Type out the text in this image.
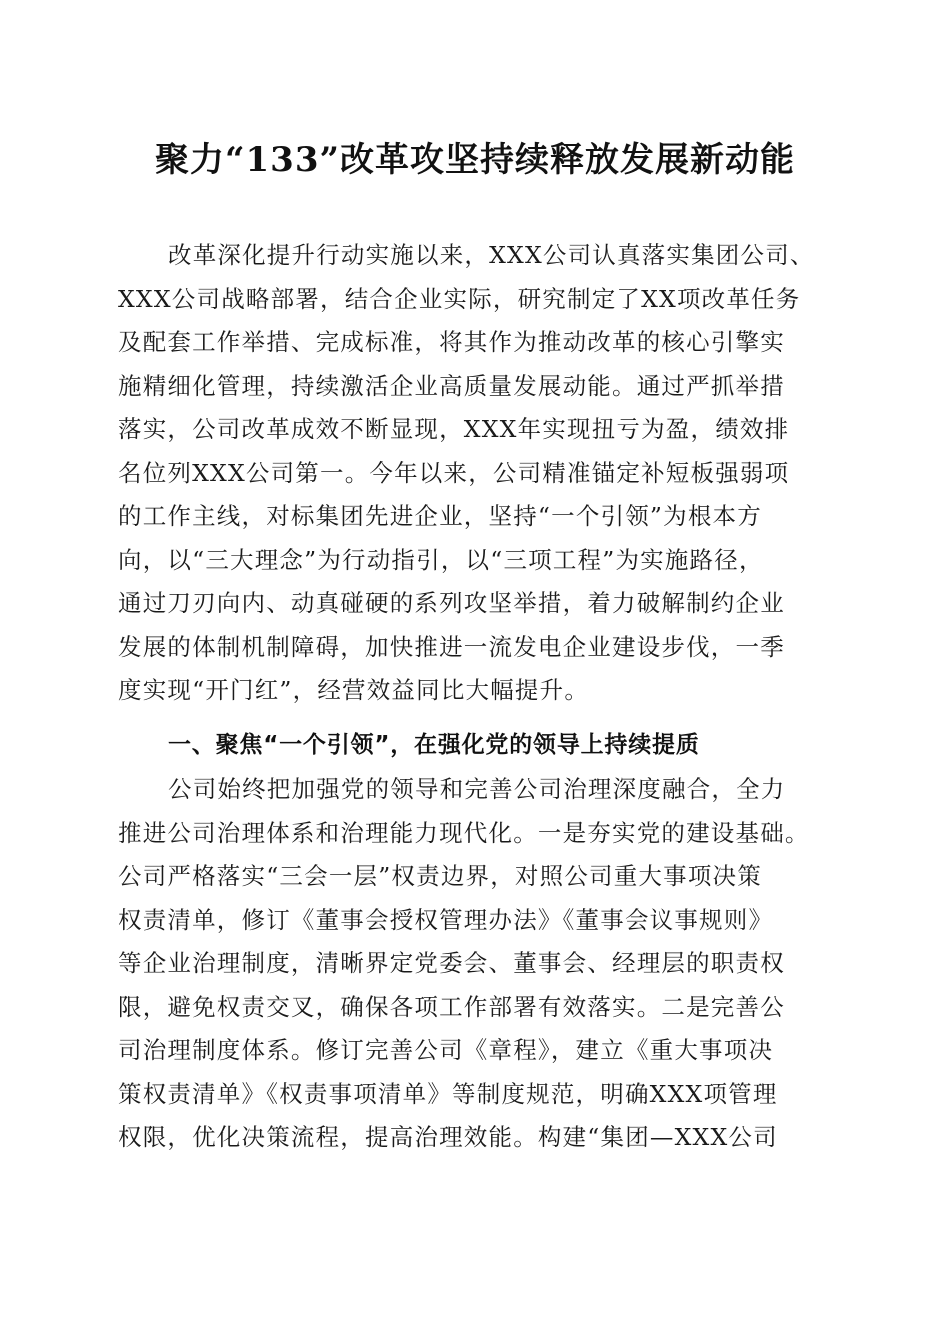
聚力“133”改革攻坚持续释放发展新动能
改革深化提升行动实施以来，XXX公司认真落实集团公司、
XXX公司战略部署，结合企业实际，研究制定了XX项改革任务
及配套工作举措、完成标准，将其作为推动改革的核心引擎实
施精细化管理，持续激活企业高质量发展动能。通过严抓举措
落实，公司改革成效不断显现，XXX年实现扭亏为盈，绩效排
名位列XXX公司第一。今年以来，公司精准锚定补短板强弱项
的工作主线，对标集团先进企业，坚持“一个引领”为根本方
向，以“三大理念”为行动指引，以“三项工程”为实施路径，
通过刀刃向内、动真碰硬的系列攻坚举措，着力破解制约企业
发展的体制机制障碍，加快推进一流发电企业建设步伐，一季
度实现“开门红”，经营效益同比大幅提升。
一、聚焦“一个引领”，在强化党的领导上持续提质
公司始终把加强党的领导和完善公司治理深度融合，全力
推进公司治理体系和治理能力现代化。一是夯实党的建设基础。
公司严格落实“三会一层”权责边界，对照公司重大事项决策
权责清单，修订《董事会授权管理办法》《董事会议事规则》
等企业治理制度，清晰界定党委会、董事会、经理层的职责权
限，避免权责交叉，确保各项工作部署有效落实。二是完善公
司治理制度体系。修订完善公司《章程》，建立《重大事项决
策权责清单》《权责事项清单》等制度规范，明确XXX项管理
权限，优化决策流程，提高治理效能。构建“集团—XXX公司
